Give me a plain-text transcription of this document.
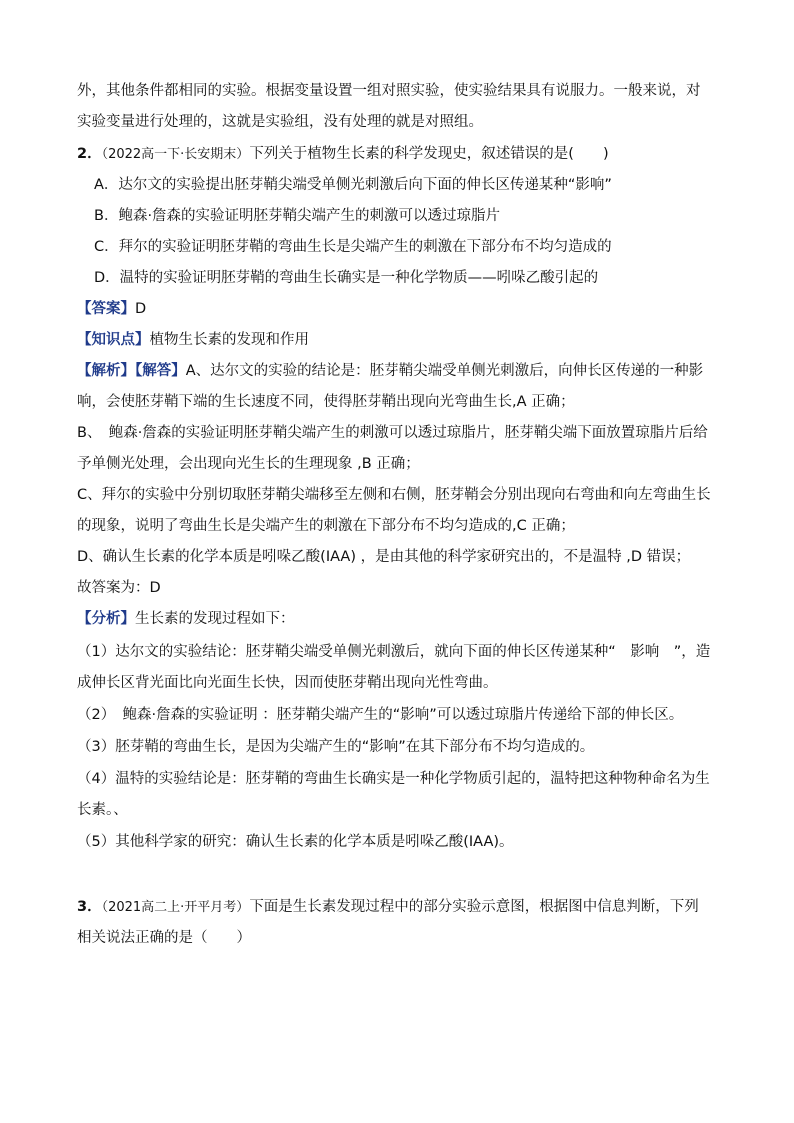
外，其他条件都相同的实验。根据变量设置一组对照实验，使实验结果具有说服力。一般来说，对
实验变量进行处理的，这就是实验组，没有处理的就是对照组。
2．（2022高一下·长安期末）下列关于植物生长素的科学发现史，叙述错误的是(　　)
A．达尔文的实验提出胚芽鞘尖端受单侧光刺激后向下面的伸长区传递某种“影响”
B．鲍森·詹森的实验证明胚芽鞘尖端产生的刺激可以透过琼脂片
C．拜尔的实验证明胚芽鞘的弯曲生长是尖端产生的刺激在下部分布不均匀造成的
D．温特的实验证明胚芽鞘的弯曲生长确实是一种化学物质——吲哚乙酸引起的
【答案】D
【知识点】植物生长素的发现和作用
【解析】【解答】A、达尔文的实验的结论是：胚芽鞘尖端受单侧光刺激后，向伸长区传递的一种影
响，会使胚芽鞘下端的生长速度不同，使得胚芽鞘出现向光弯曲生长,A 正确；
B、　鲍森·詹森的实验证明胚芽鞘尖端产生的刺激可以透过琼脂片，胚芽鞘尖端下面放置琼脂片后给
予单侧光处理，会出现向光生长的生理现象 ,B 正确；
C、拜尔的实验中分别切取胚芽鞘尖端移至左侧和右侧，胚芽鞘会分别出现向右弯曲和向左弯曲生长
的现象，说明了弯曲生长是尖端产生的刺激在下部分布不均匀造成的,C 正确；
D、确认生长素的化学本质是吲哚乙酸(IAA) ，是由其他的科学家研究出的，不是温特 ,D 错误；
故答案为：D
【分析】生长素的发现过程如下：
（1）达尔文的实验结论：胚芽鞘尖端受单侧光刺激后，就向下面的伸长区传递某种“　影响　”，造
成伸长区背光面比向光面生长快，因而使胚芽鞘出现向光性弯曲。
（2）　鲍森·詹森的实验证明 ：胚芽鞘尖端产生的“影响”可以透过琼脂片传递给下部的伸长区。
（3）胚芽鞘的弯曲生长，是因为尖端产生的“影响”在其下部分布不均匀造成的。
（4）温特的实验结论是：胚芽鞘的弯曲生长确实是一种化学物质引起的，温特把这种物种命名为生
长素。、
（5）其他科学家的研究：确认生长素的化学本质是吲哚乙酸(IAA)。
3．（2021高二上·开平月考）下面是生长素发现过程中的部分实验示意图，根据图中信息判断，下列
相关说法正确的是（　　）
